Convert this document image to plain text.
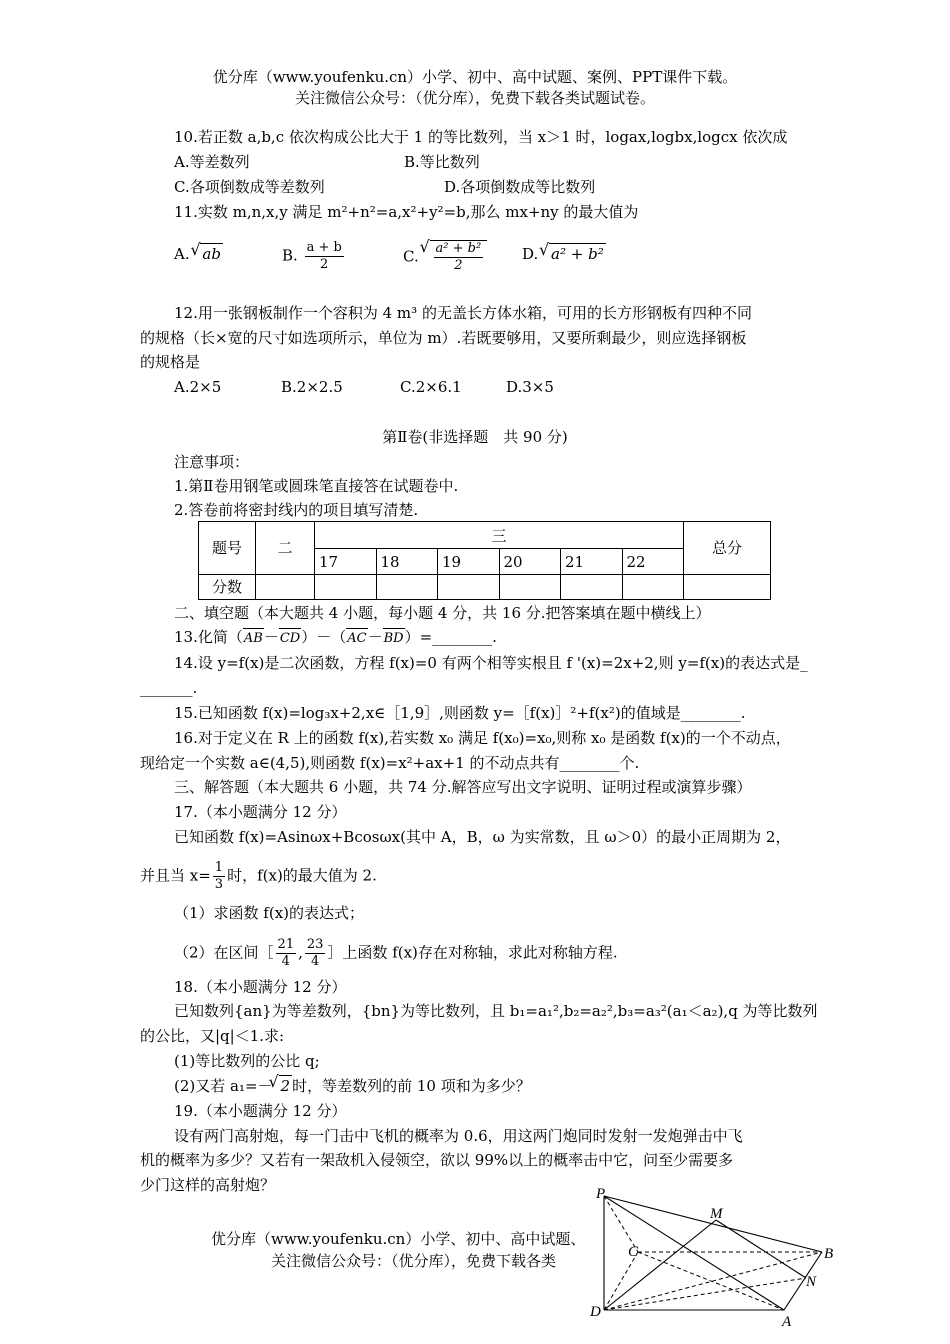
优分库（www.youfenku.cn）小学、初中、高中试题、案例、PPT课件下载。
关注微信公众号：（优分库），免费下载各类试题试卷。
10.若正数 a,b,c 依次构成公比大于 1 的等比数列，当 x＞1 时，logax,logbx,logcx 依次成
A.等差数列	B.等比数列
C.各项倒数成等差数列	D.各项倒数成等比数列
11.实数 m,n,x,y 满足 m²+n²=a,x²+y²=b,那么 mx+ny 的最大值为
A. √ ab	B. $\frac{a + b}{2}$	C. √ $\frac{\text{a² + b²}}{2}$	D. √ a² + b²
12.用一张钢板制作一个容积为 4 m³ 的无盖长方体水箱，可用的长方形钢板有四种不同
的规格（长×宽的尺寸如选项所示，单位为 m）.若既要够用，又要所剩最少，则应选择钢板
的规格是
A.2×5	B.2×2.5	C.2×6.1	D.3×5
第Ⅱ卷(非选择题　共 90 分)
注意事项：
1.第Ⅱ卷用钢笔或圆珠笔直接答在试题卷中.
2.答卷前将密封线内的项目填写清楚.
题号	二	三						总分
		17	18	19	20	21	22	
分数								
二、填空题（本大题共 4 小题，每小题 4 分，共 16 分.把答案填在题中横线上）
13.化简（AB－CD）－（AC－BD）=________.
14.设 y=f(x)是二次函数，方程 f(x)=0 有两个相等实根且 f '(x)=2x+2,则 y=f(x)的表达式是_
_______.
15.已知函数 f(x)=log₃x+2,x∈［1,9］,则函数 y=［f(x)］²+f(x²)的值域是________.
16.对于定义在 R 上的函数 f(x),若实数 x₀ 满足 f(x₀)=x₀,则称 x₀ 是函数 f(x)的一个不动点，
现给定一个实数 a∈(4,5),则函数 f(x)=x²+ax+1 的不动点共有________个.
三、解答题（本大题共 6 小题，共 74 分.解答应写出文字说明、证明过程或演算步骤）
17.（本小题满分 12 分）
已知函数 f(x)=Asinωx+Bcosωx(其中 A，B，ω 为实常数，且 ω＞0）的最小正周期为 2，
并且当 $x= \frac{1}{3}$ 时，f(x)的最大值为 2.
（1）求函数 f(x)的表达式；
（2）在区间［ $\frac{21}{4}$ , $\frac{23}{4}$ ］上函数 f(x)存在对称轴，求此对称轴方程.
18.（本小题满分 12 分）
已知数列{an}为等差数列，{bn}为等比数列，且 b₁=a₁²,b₂=a₂²,b₃=a₃²(a₁＜a₂),q 为等比数列
的公比，又|q|＜1.求:
(1)等比数列的公比 q;
(2)又若 a₁=－ √ 2 时，等差数列的前 10 项和为多少？
19.（本小题满分 12 分）
设有两门高射炮，每一门击中飞机的概率为 0.6，用这两门炮同时发射一发炮弹击中飞
机的概率为多少？又若有一架敌机入侵领空，欲以 99%以上的概率击中它，问至少需要多
少门这样的高射炮？
优分库（www.youfenku.cn）小学、初中、高中试题、
关注微信公众号：（优分库），免费下载各类
P
M
C	B
N
D
A
